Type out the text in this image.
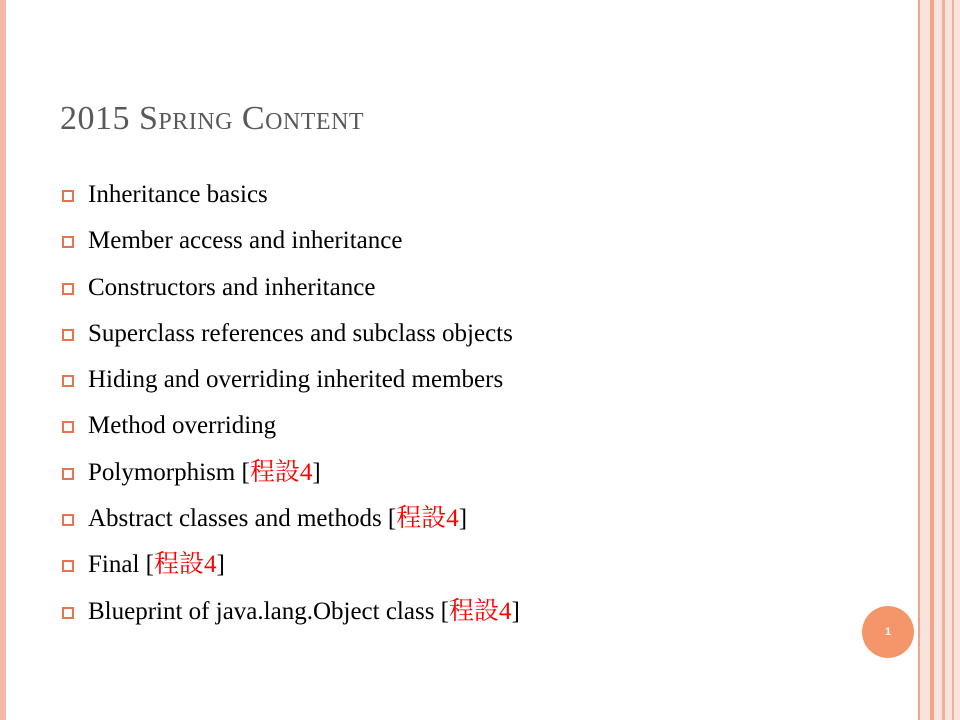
2015 Spring Content
Inheritance basics
Member access and inheritance
Constructors and inheritance
Superclass references and subclass objects
Hiding and overriding inherited members
Method overriding
Polymorphism [程設4]
Abstract classes and methods [程設4]
Final [程設4]
Blueprint of java.lang.Object class [程設4]
1
